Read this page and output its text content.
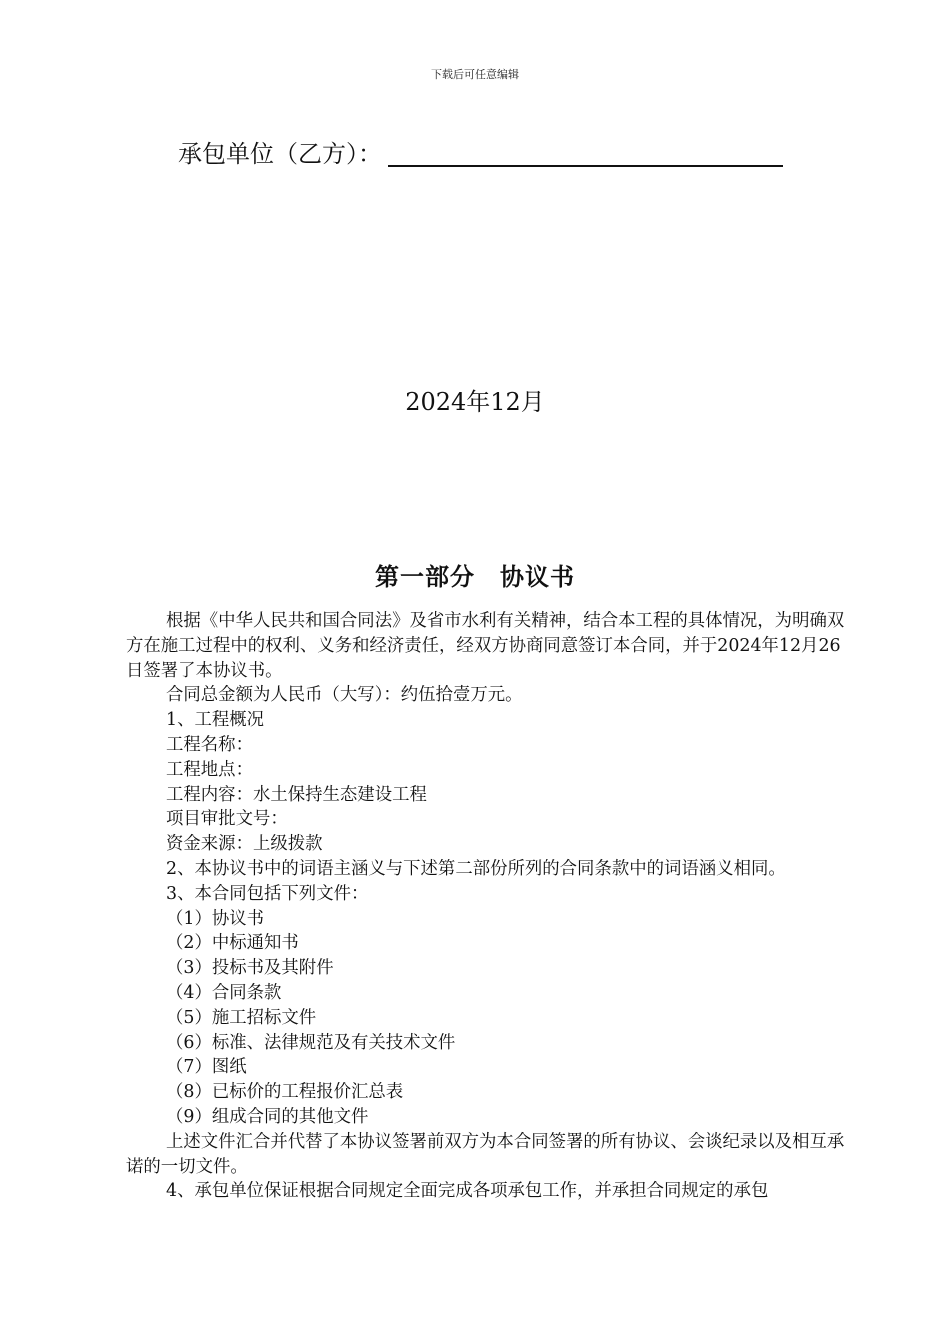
下载后可任意编辑
承包单位（乙方）：
2024年12月
第一部分　协议书

根据《中华人民共和国合同法》及省市水利有关精神，结合本工程的具体情况，为明确双方在施工过程中的权利、义务和经济责任，经双方协商同意签订本合同，并于2024年12月26日签署了本协议书。

合同总金额为人民币（大写）：约伍拾壹万元。

1、工程概况

工程名称：

工程地点：

工程内容：水土保持生态建设工程

项目审批文号：

资金来源：上级拨款

2、本协议书中的词语主涵义与下述第二部份所列的合同条款中的词语涵义相同。

3、本合同包括下列文件：

（1）协议书

（2）中标通知书

（3）投标书及其附件

（4）合同条款

（5）施工招标文件

（6）标准、法律规范及有关技术文件

（7）图纸

（8）已标价的工程报价汇总表

（9）组成合同的其他文件

上述文件汇合并代替了本协议签署前双方为本合同签署的所有协议、会谈纪录以及相互承诺的一切文件。

4、承包单位保证根据合同规定全面完成各项承包工作，并承担合同规定的承包
